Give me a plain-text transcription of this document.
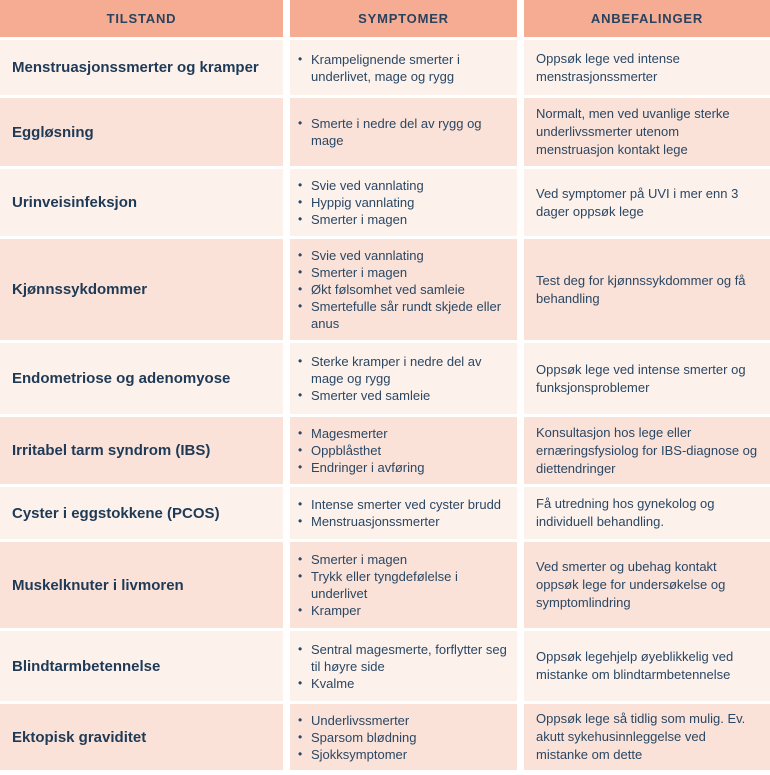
TILSTAND	SYMPTOMER	ANBEFALINGER
Menstruasjonssmerter og kramper
• Krampelignende smerter i underlivet, mage og rygg
Oppsøk lege ved intense menstrasjonssmerter
Eggløsning
• Smerte i nedre del av rygg og mage
Normalt, men ved uvanlige sterke underlivssmerter utenom menstruasjon kontakt lege
Urinveisinfeksjon
• Svie ved vannlating
• Hyppig vannlating
• Smerter i magen
Ved symptomer på UVI i mer enn 3 dager oppsøk lege
Kjønnssykdommer
• Svie ved vannlating
• Smerter i magen
• Økt følsomhet ved samleie
• Smertefulle sår rundt skjede eller anus
Test deg for kjønnssykdommer og få behandling
Endometriose og adenomyose
• Sterke kramper i nedre del av mage og rygg
• Smerter ved samleie
Oppsøk lege ved intense smerter og funksjonsproblemer
Irritabel tarm syndrom (IBS)
• Magesmerter
• Oppblåsthet
• Endringer i avføring
Konsultasjon hos lege eller ernæringsfysiolog for IBS-diagnose og diettendringer
Cyster i eggstokkene (PCOS)
• Intense smerter ved cyster brudd
• Menstruasjonssmerter
Få utredning hos gynekolog og individuell behandling.
Muskelknuter i livmoren
• Smerter i magen
• Trykk eller tyngdefølelse i underlivet
• Kramper
Ved smerter og ubehag kontakt oppsøk lege for undersøkelse og symptomlindring
Blindtarmbetennelse
• Sentral magesmerte, forflytter seg til høyre side
• Kvalme
Oppsøk legehjelp øyeblikkelig ved mistanke om blindtarmbetennelse
Ektopisk graviditet
• Underlivssmerter
• Sparsom blødning
• Sjokksymptomer
Oppsøk lege så tidlig som mulig. Ev. akutt sykehusinnleggelse ved mistanke om dette
